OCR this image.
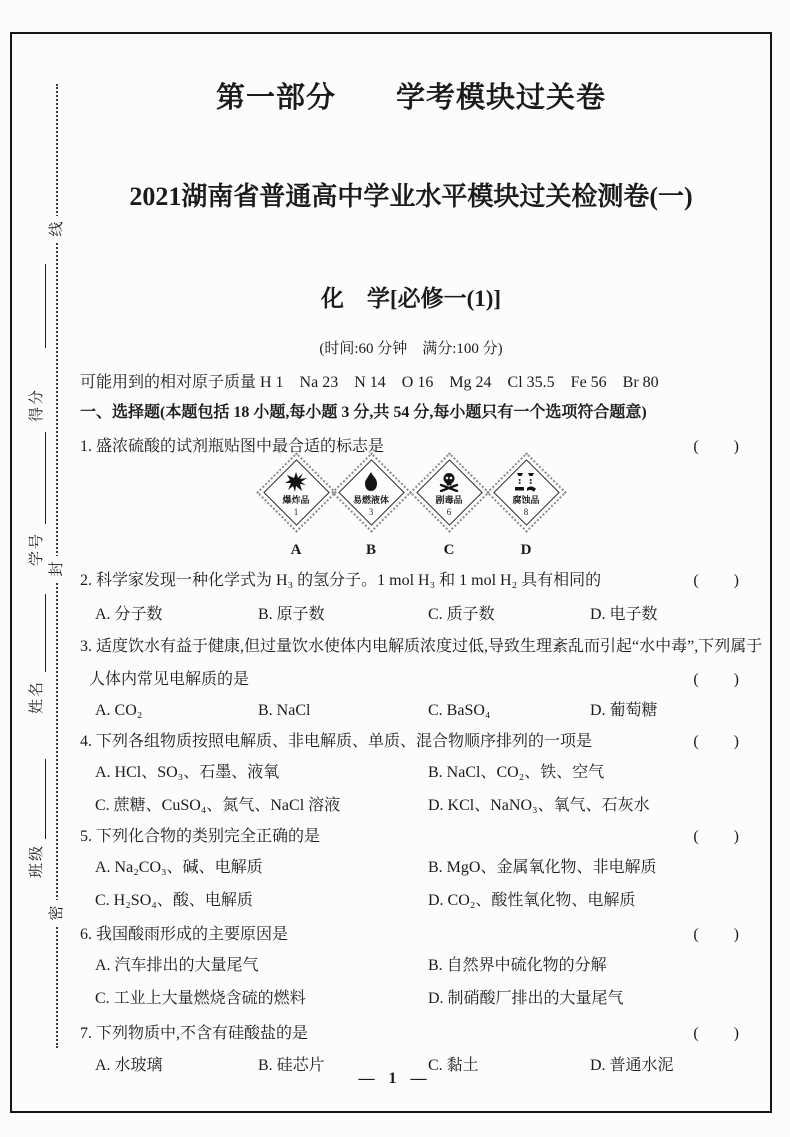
线
封
密
得分
学号
姓名
班级
第一部分　　学考模块过关卷
2021湖南省普通高中学业水平模块过关检测卷(一)
化　学[必修一(1)]
(时间:60 分钟　满分:100 分)
可能用到的相对原子质量 H 1　Na 23　N 14　O 16　Mg 24　Cl 35.5　Fe 56　Br 80
一、选择题(本题包括 18 小题,每小题 3 分,共 54 分,每小题只有一个选项符合题意)
1. 盛浓硫酸的试剂瓶贴图中最合适的标志是	(　　)
爆炸品
1
A
易燃液体
3
B
剧毒品
6
C
腐蚀品
8
D
2. 科学家发现一种化学式为 H₃ 的氢分子。1 mol H₃ 和 1 mol H₂ 具有相同的	(　　)
A. 分子数	B. 原子数	C. 质子数	D. 电子数
3. 适度饮水有益于健康,但过量饮水使体内电解质浓度过低,导致生理紊乱而引起“水中毒”,下列属于
人体内常见电解质的是	(　　)
A. CO₂	B. NaCl	C. BaSO₄	D. 葡萄糖
4. 下列各组物质按照电解质、非电解质、单质、混合物顺序排列的一项是	(　　)
A. HCl、SO₃、石墨、液氧	B. NaCl、CO₂、铁、空气
C. 蔗糖、CuSO₄、氮气、NaCl 溶液	D. KCl、NaNO₃、氧气、石灰水
5. 下列化合物的类别完全正确的是	(　　)
A. Na₂CO₃、碱、电解质	B. MgO、金属氧化物、非电解质
C. H₂SO₄、酸、电解质	D. CO₂、酸性氧化物、电解质
6. 我国酸雨形成的主要原因是	(　　)
A. 汽车排出的大量尾气	B. 自然界中硫化物的分解
C. 工业上大量燃烧含硫的燃料	D. 制硝酸厂排出的大量尾气
7. 下列物质中,不含有硅酸盐的是	(　　)
A. 水玻璃	B. 硅芯片	C. 黏土	D. 普通水泥
— 1 —
